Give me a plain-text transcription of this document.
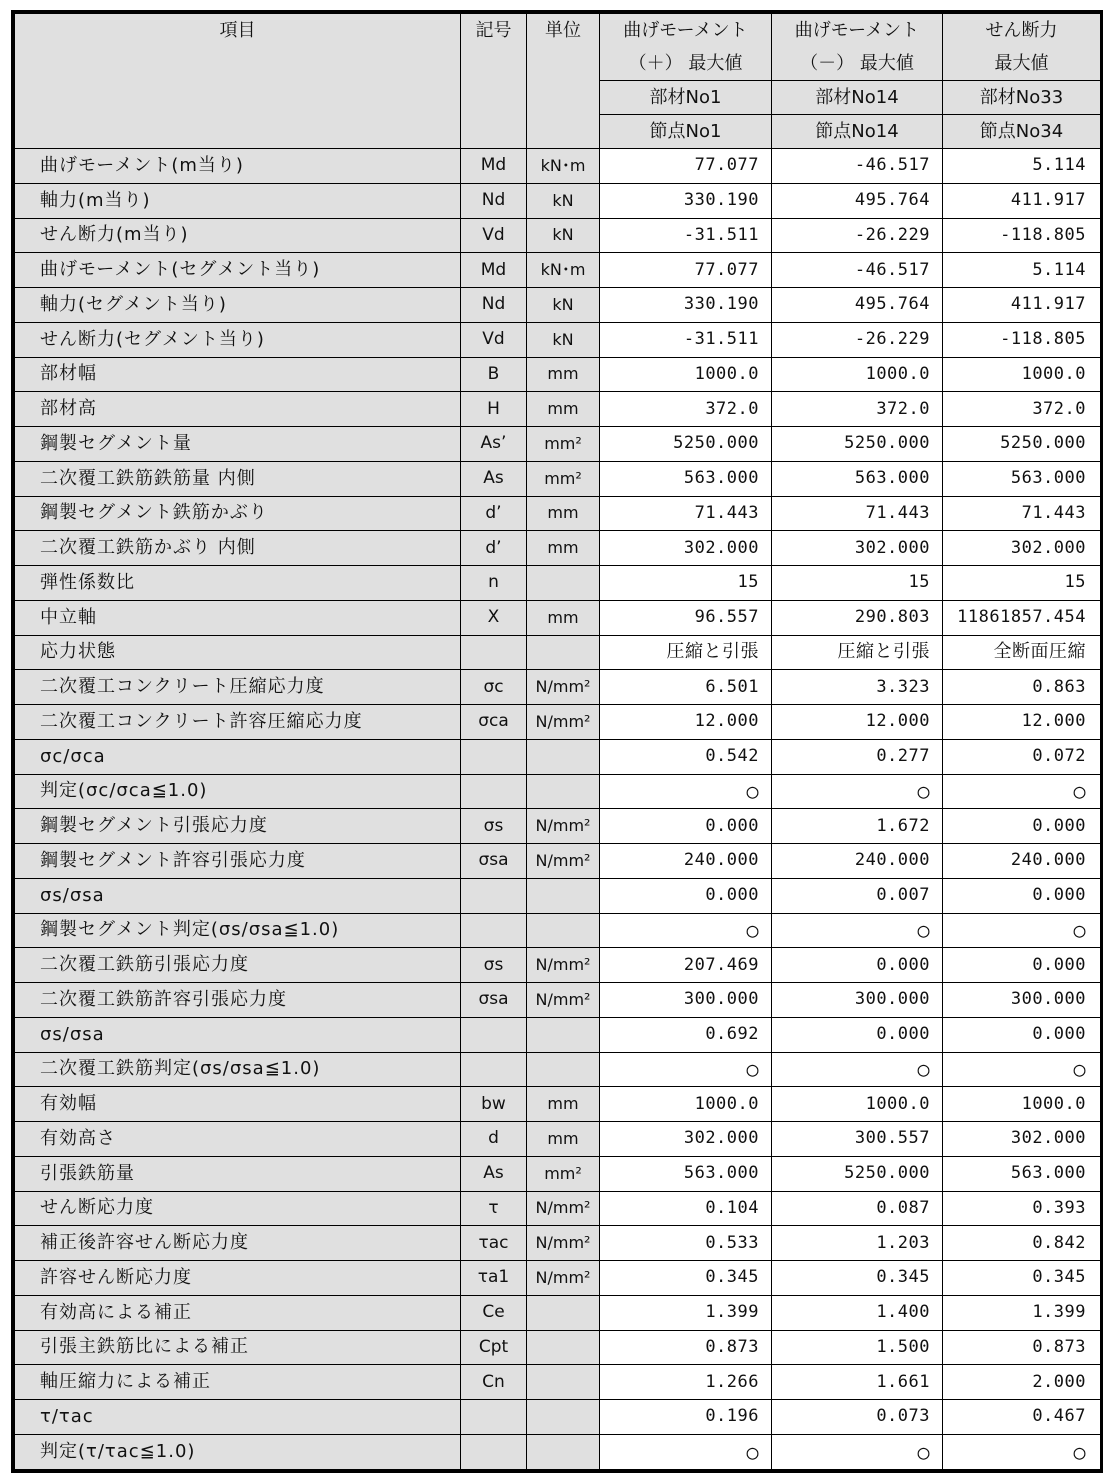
項目	記号	単位	曲げモーメント	曲げモーメント	せん断力
			（＋） 最大値	（－） 最大値	最大値
			部材No1	部材No14	部材No33
			節点No1	節点No14	節点No34
曲げモーメント(m当り)	Md	kN･m	77.077	-46.517	5.114
軸力(m当り)	Nd	kN	330.190	495.764	411.917
せん断力(m当り)	Vd	kN	-31.511	-26.229	-118.805
曲げモーメント(セグメント当り)	Md	kN･m	77.077	-46.517	5.114
軸力(セグメント当り)	Nd	kN	330.190	495.764	411.917
せん断力(セグメント当り)	Vd	kN	-31.511	-26.229	-118.805
部材幅	B	mm	1000.0	1000.0	1000.0
部材高	H	mm	372.0	372.0	372.0
鋼製セグメント量	As’	mm²	5250.000	5250.000	5250.000
二次覆工鉄筋鉄筋量 内側	As	mm²	563.000	563.000	563.000
鋼製セグメント鉄筋かぶり	d’	mm	71.443	71.443	71.443
二次覆工鉄筋かぶり 内側	d’	mm	302.000	302.000	302.000
弾性係数比	n		15	15	15
中立軸	X	mm	96.557	290.803	11861857.454
応力状態			圧縮と引張	圧縮と引張	全断面圧縮
二次覆工コンクリート圧縮応力度	σc	N/mm²	6.501	3.323	0.863
二次覆工コンクリート許容圧縮応力度	σca	N/mm²	12.000	12.000	12.000
σc/σca			0.542	0.277	0.072
判定(σc/σca≦1.0)			○	○	○
鋼製セグメント引張応力度	σs	N/mm²	0.000	1.672	0.000
鋼製セグメント許容引張応力度	σsa	N/mm²	240.000	240.000	240.000
σs/σsa			0.000	0.007	0.000
鋼製セグメント判定(σs/σsa≦1.0)			○	○	○
二次覆工鉄筋引張応力度	σs	N/mm²	207.469	0.000	0.000
二次覆工鉄筋許容引張応力度	σsa	N/mm²	300.000	300.000	300.000
σs/σsa			0.692	0.000	0.000
二次覆工鉄筋判定(σs/σsa≦1.0)			○	○	○
有効幅	bw	mm	1000.0	1000.0	1000.0
有効高さ	d	mm	302.000	300.557	302.000
引張鉄筋量	As	mm²	563.000	5250.000	563.000
せん断応力度	τ	N/mm²	0.104	0.087	0.393
補正後許容せん断応力度	τac	N/mm²	0.533	1.203	0.842
許容せん断応力度	τa1	N/mm²	0.345	0.345	0.345
有効高による補正	Ce		1.399	1.400	1.399
引張主鉄筋比による補正	Cpt		0.873	1.500	0.873
軸圧縮力による補正	Cn		1.266	1.661	2.000
τ/τac			0.196	0.073	0.467
判定(τ/τac≦1.0)			○	○	○
